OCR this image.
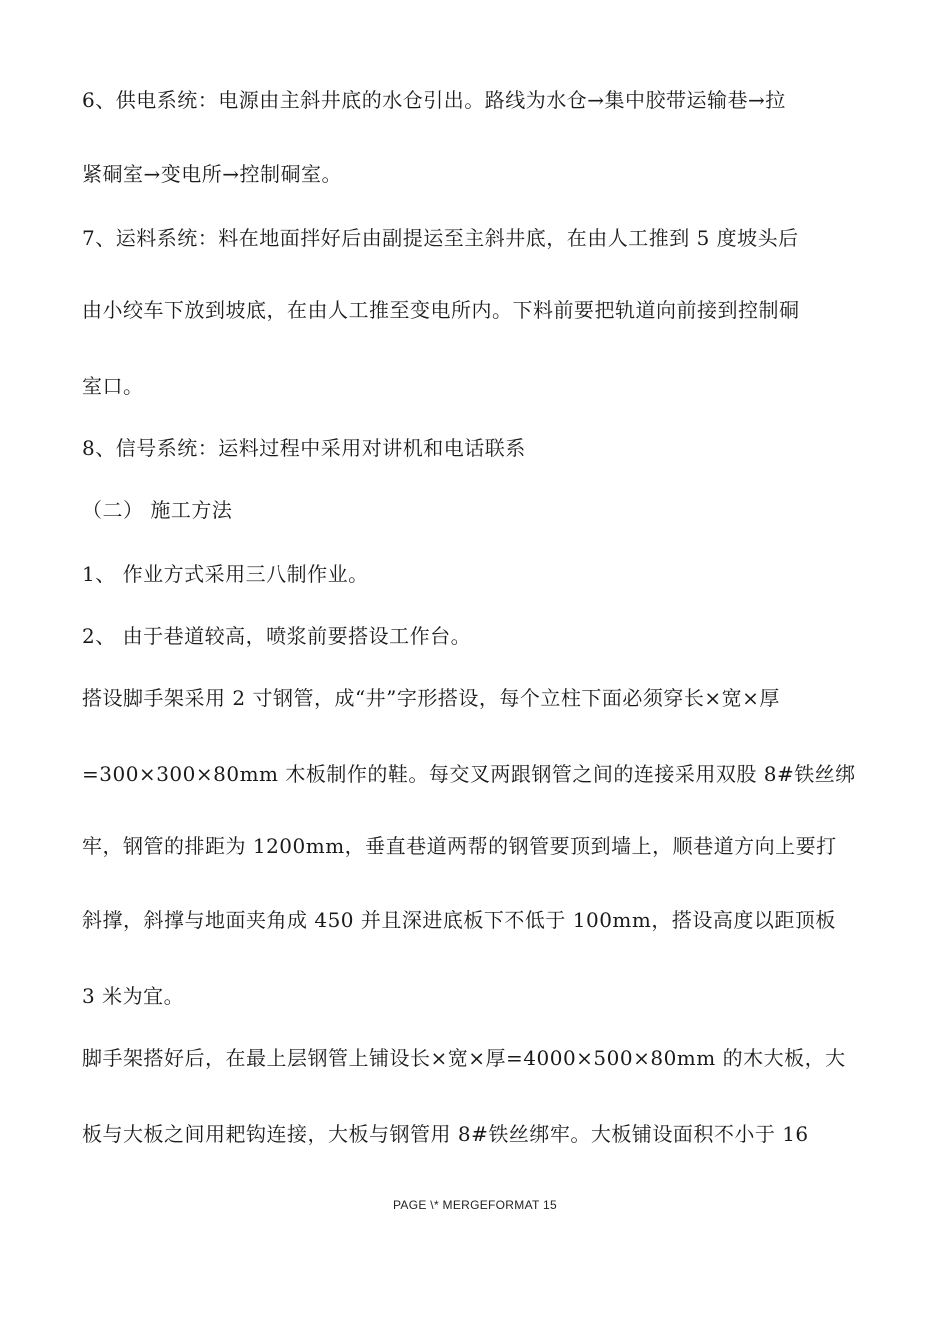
6、供电系统：电源由主斜井底的水仓引出。路线为水仓→集中胶带运输巷→拉
紧硐室→变电所→控制硐室。
7、运料系统：料在地面拌好后由副提运至主斜井底，在由人工推到 5 度坡头后
由小绞车下放到坡底，在由人工推至变电所内。下料前要把轨道向前接到控制硐
室口。
8、信号系统：运料过程中采用对讲机和电话联系
（二） 施工方法
1、 作业方式采用三八制作业。
2、 由于巷道较高，喷浆前要搭设工作台。
搭设脚手架采用 2 寸钢管，成“井”字形搭设，每个立柱下面必须穿长×宽×厚
=300×300×80mm 木板制作的鞋。每交叉两跟钢管之间的连接采用双股 8#铁丝绑
牢，钢管的排距为 1200mm，垂直巷道两帮的钢管要顶到墙上，顺巷道方向上要打
斜撑，斜撑与地面夹角成 450 并且深进底板下不低于 100mm，搭设高度以距顶板
3 米为宜。
脚手架搭好后，在最上层钢管上铺设长×宽×厚=4000×500×80mm 的木大板，大
板与大板之间用耙钩连接，大板与钢管用 8#铁丝绑牢。大板铺设面积不小于 16
PAGE \* MERGEFORMAT 15
